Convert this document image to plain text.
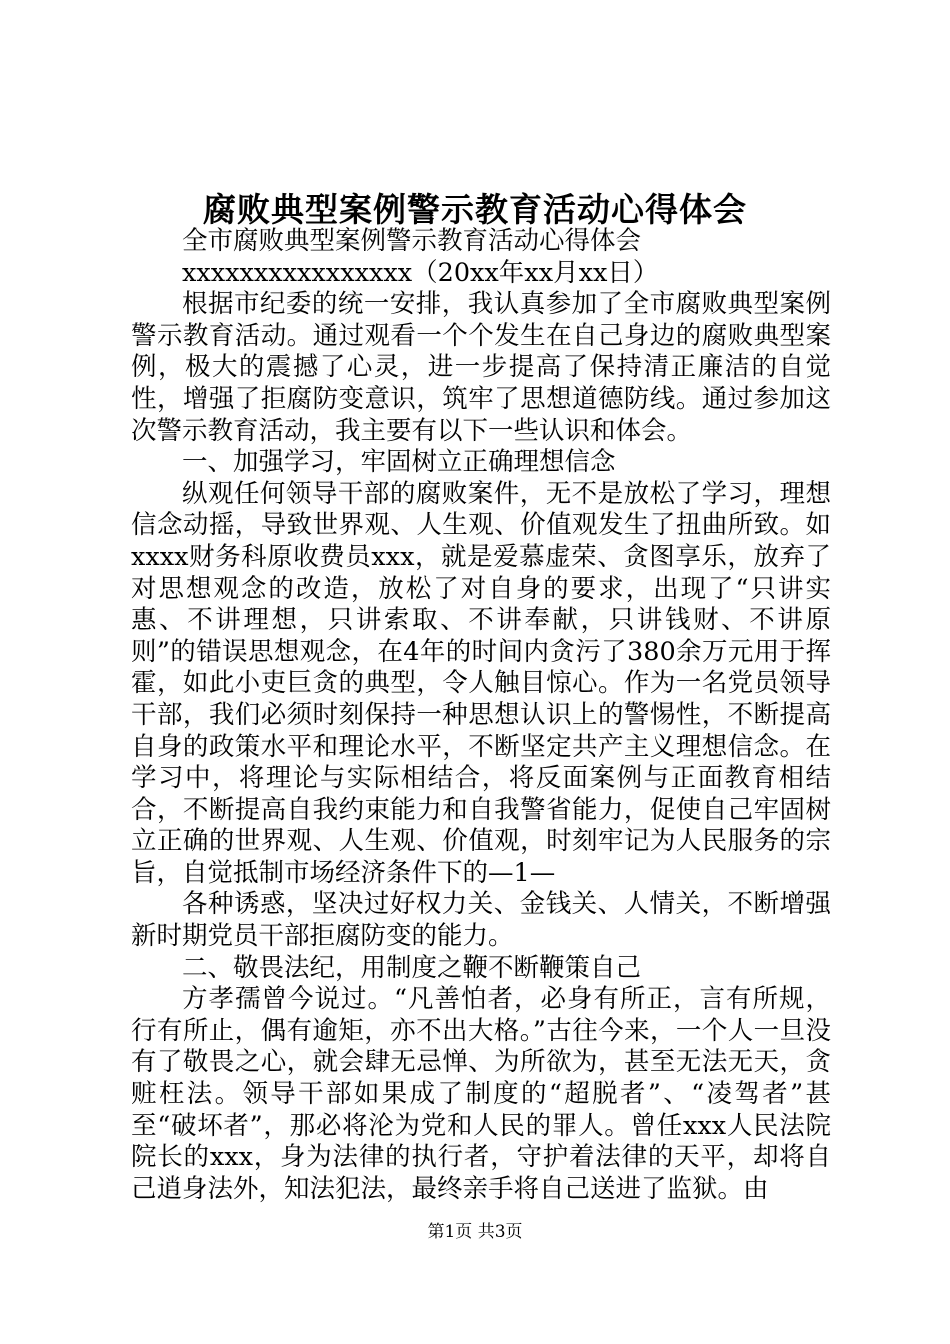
腐败典型案例警示教育活动心得体会

全市腐败典型案例警示教育活动心得体会

xxxxxxxxxxxxxxxx（20xx年xx月xx日）

根据市纪委的统一安排，我认真参加了全市腐败典型案例警示教育活动。通过观看一个个发生在自己身边的腐败典型案例，极大的震撼了心灵，进一步提高了保持清正廉洁的自觉性，增强了拒腐防变意识，筑牢了思想道德防线。通过参加这次警示教育活动，我主要有以下一些认识和体会。

一、加强学习，牢固树立正确理想信念

纵观任何领导干部的腐败案件，无不是放松了学习，理想信念动摇，导致世界观、人生观、价值观发生了扭曲所致。如xxxx财务科原收费员xxx，就是爱慕虚荣、贪图享乐，放弃了对思想观念的改造，放松了对自身的要求，出现了“只讲实惠、不讲理想，只讲索取、不讲奉献，只讲钱财、不讲原则”的错误思想观念，在4年的时间内贪污了380余万元用于挥霍，如此小吏巨贪的典型，令人触目惊心。作为一名党员领导干部，我们必须时刻保持一种思想认识上的警惕性，不断提高自身的政策水平和理论水平，不断坚定共产主义理想信念。在学习中，将理论与实际相结合，将反面案例与正面教育相结合，不断提高自我约束能力和自我警省能力，促使自己牢固树立正确的世界观、人生观、价值观，时刻牢记为人民服务的宗旨，自觉抵制市场经济条件下的—1—

各种诱惑，坚决过好权力关、金钱关、人情关，不断增强新时期党员干部拒腐防变的能力。

二、敬畏法纪，用制度之鞭不断鞭策自己

方孝孺曾今说过。“凡善怕者，必身有所正，言有所规，行有所止，偶有逾矩，亦不出大格。”古往今来，一个人一旦没有了敬畏之心，就会肆无忌惮、为所欲为，甚至无法无天，贪赃枉法。领导干部如果成了制度的“超脱者”、“凌驾者”甚至“破坏者”，那必将沦为党和人民的罪人。曾任xxx人民法院院长的xxx，身为法律的执行者，守护着法律的天平，却将自己逍身法外，知法犯法，最终亲手将自己送进了监狱。由

第1页 共3页
